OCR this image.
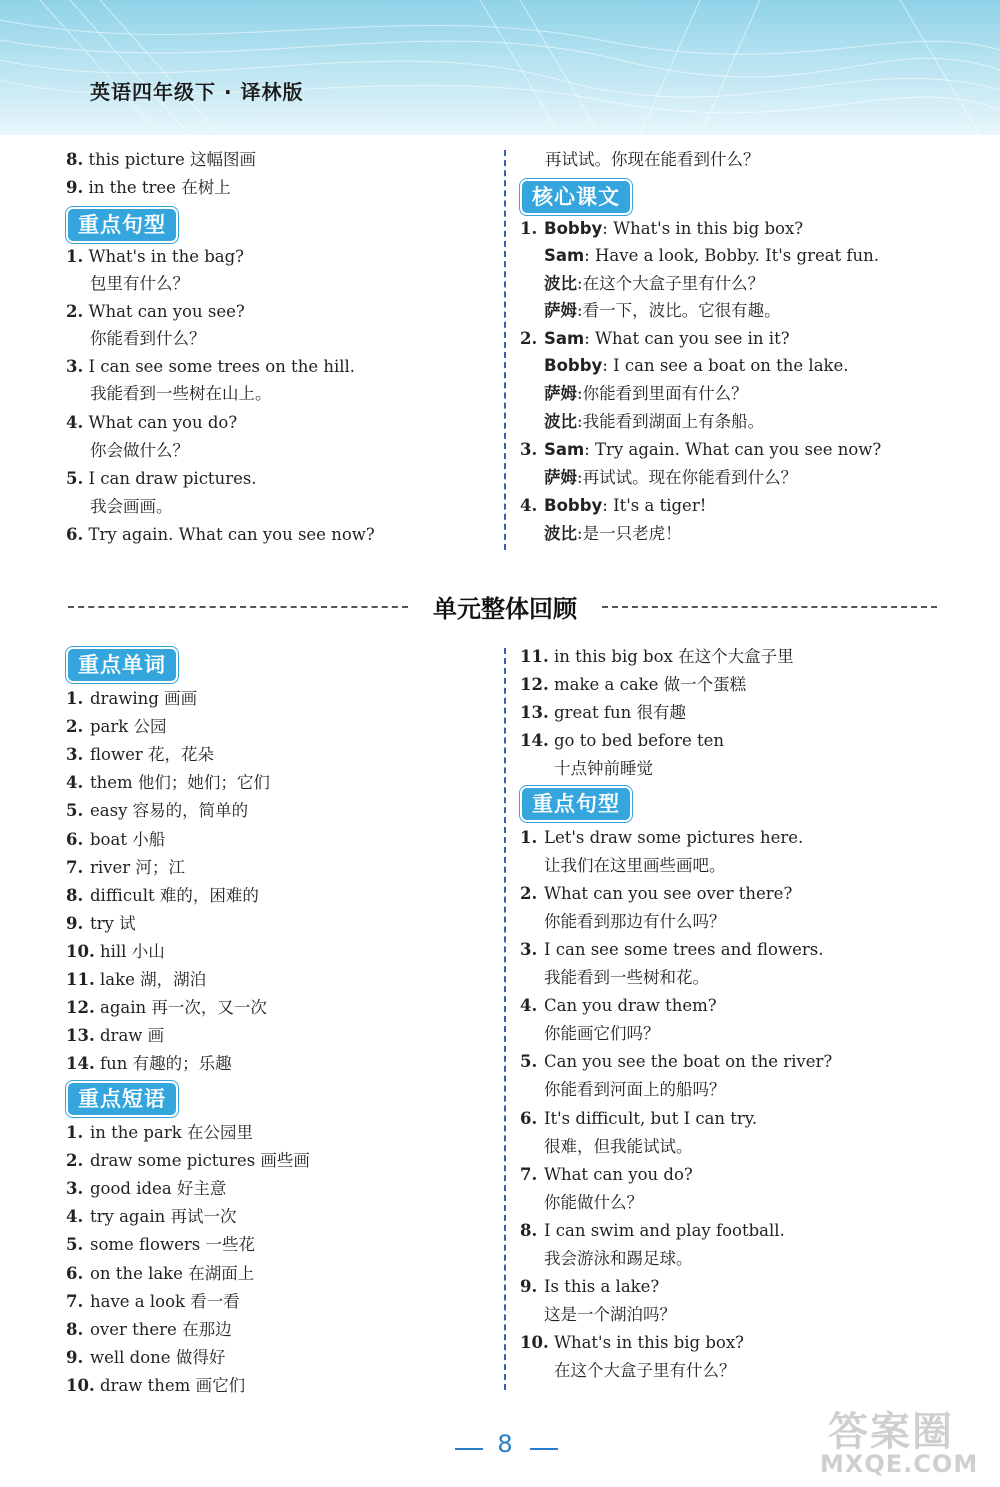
英语四年级下 · 译林版
8. this picture 这幅图画
9. in the tree 在树上
重点句型
1. What's in the bag?
包里有什么？
2. What can you see?
你能看到什么？
3. I can see some trees on the hill.
我能看到一些树在山上。
4. What can you do?
你会做什么？
5. I can draw pictures.
我会画画。
6. Try again. What can you see now?
再试试。你现在能看到什么？
核心课文
1. Bobby: What's in this big box?
Sam: Have a look, Bobby. It's great fun.
波比:在这个大盒子里有什么？
萨姆:看一下，波比。它很有趣。
2. Sam: What can you see in it?
Bobby: I can see a boat on the lake.
萨姆:你能看到里面有什么？
波比:我能看到湖面上有条船。
3. Sam: Try again. What can you see now?
萨姆:再试试。现在你能看到什么？
4. Bobby: It's a tiger!
波比:是一只老虎！
单元整体回顾
重点单词
1. drawing 画画
2. park 公园
3. flower 花，花朵
4. them 他们；她们；它们
5. easy 容易的，简单的
6. boat 小船
7. river 河；江
8. difficult 难的，困难的
9. try 试
10. hill 小山
11. lake 湖，湖泊
12. again 再一次，又一次
13. draw 画
14. fun 有趣的；乐趣
重点短语
1. in the park 在公园里
2. draw some pictures 画些画
3. good idea 好主意
4. try again 再试一次
5. some flowers 一些花
6. on the lake 在湖面上
7. have a look 看一看
8. over there 在那边
9. well done 做得好
10. draw them 画它们
11. in this big box 在这个大盒子里
12. make a cake 做一个蛋糕
13. great fun 很有趣
14. go to bed before ten
十点钟前睡觉
重点句型
1. Let's draw some pictures here.
让我们在这里画些画吧。
2. What can you see over there?
你能看到那边有什么吗？
3. I can see some trees and flowers.
我能看到一些树和花。
4. Can you draw them?
你能画它们吗？
5. Can you see the boat on the river?
你能看到河面上的船吗？
6. It's difficult, but I can try.
很难，但我能试试。
7. What can you do?
你能做什么？
8. I can swim and play football.
我会游泳和踢足球。
9. Is this a lake?
这是一个湖泊吗？
10. What's in this big box?
在这个大盒子里有什么？
8	答案圈
MXQE.COM
